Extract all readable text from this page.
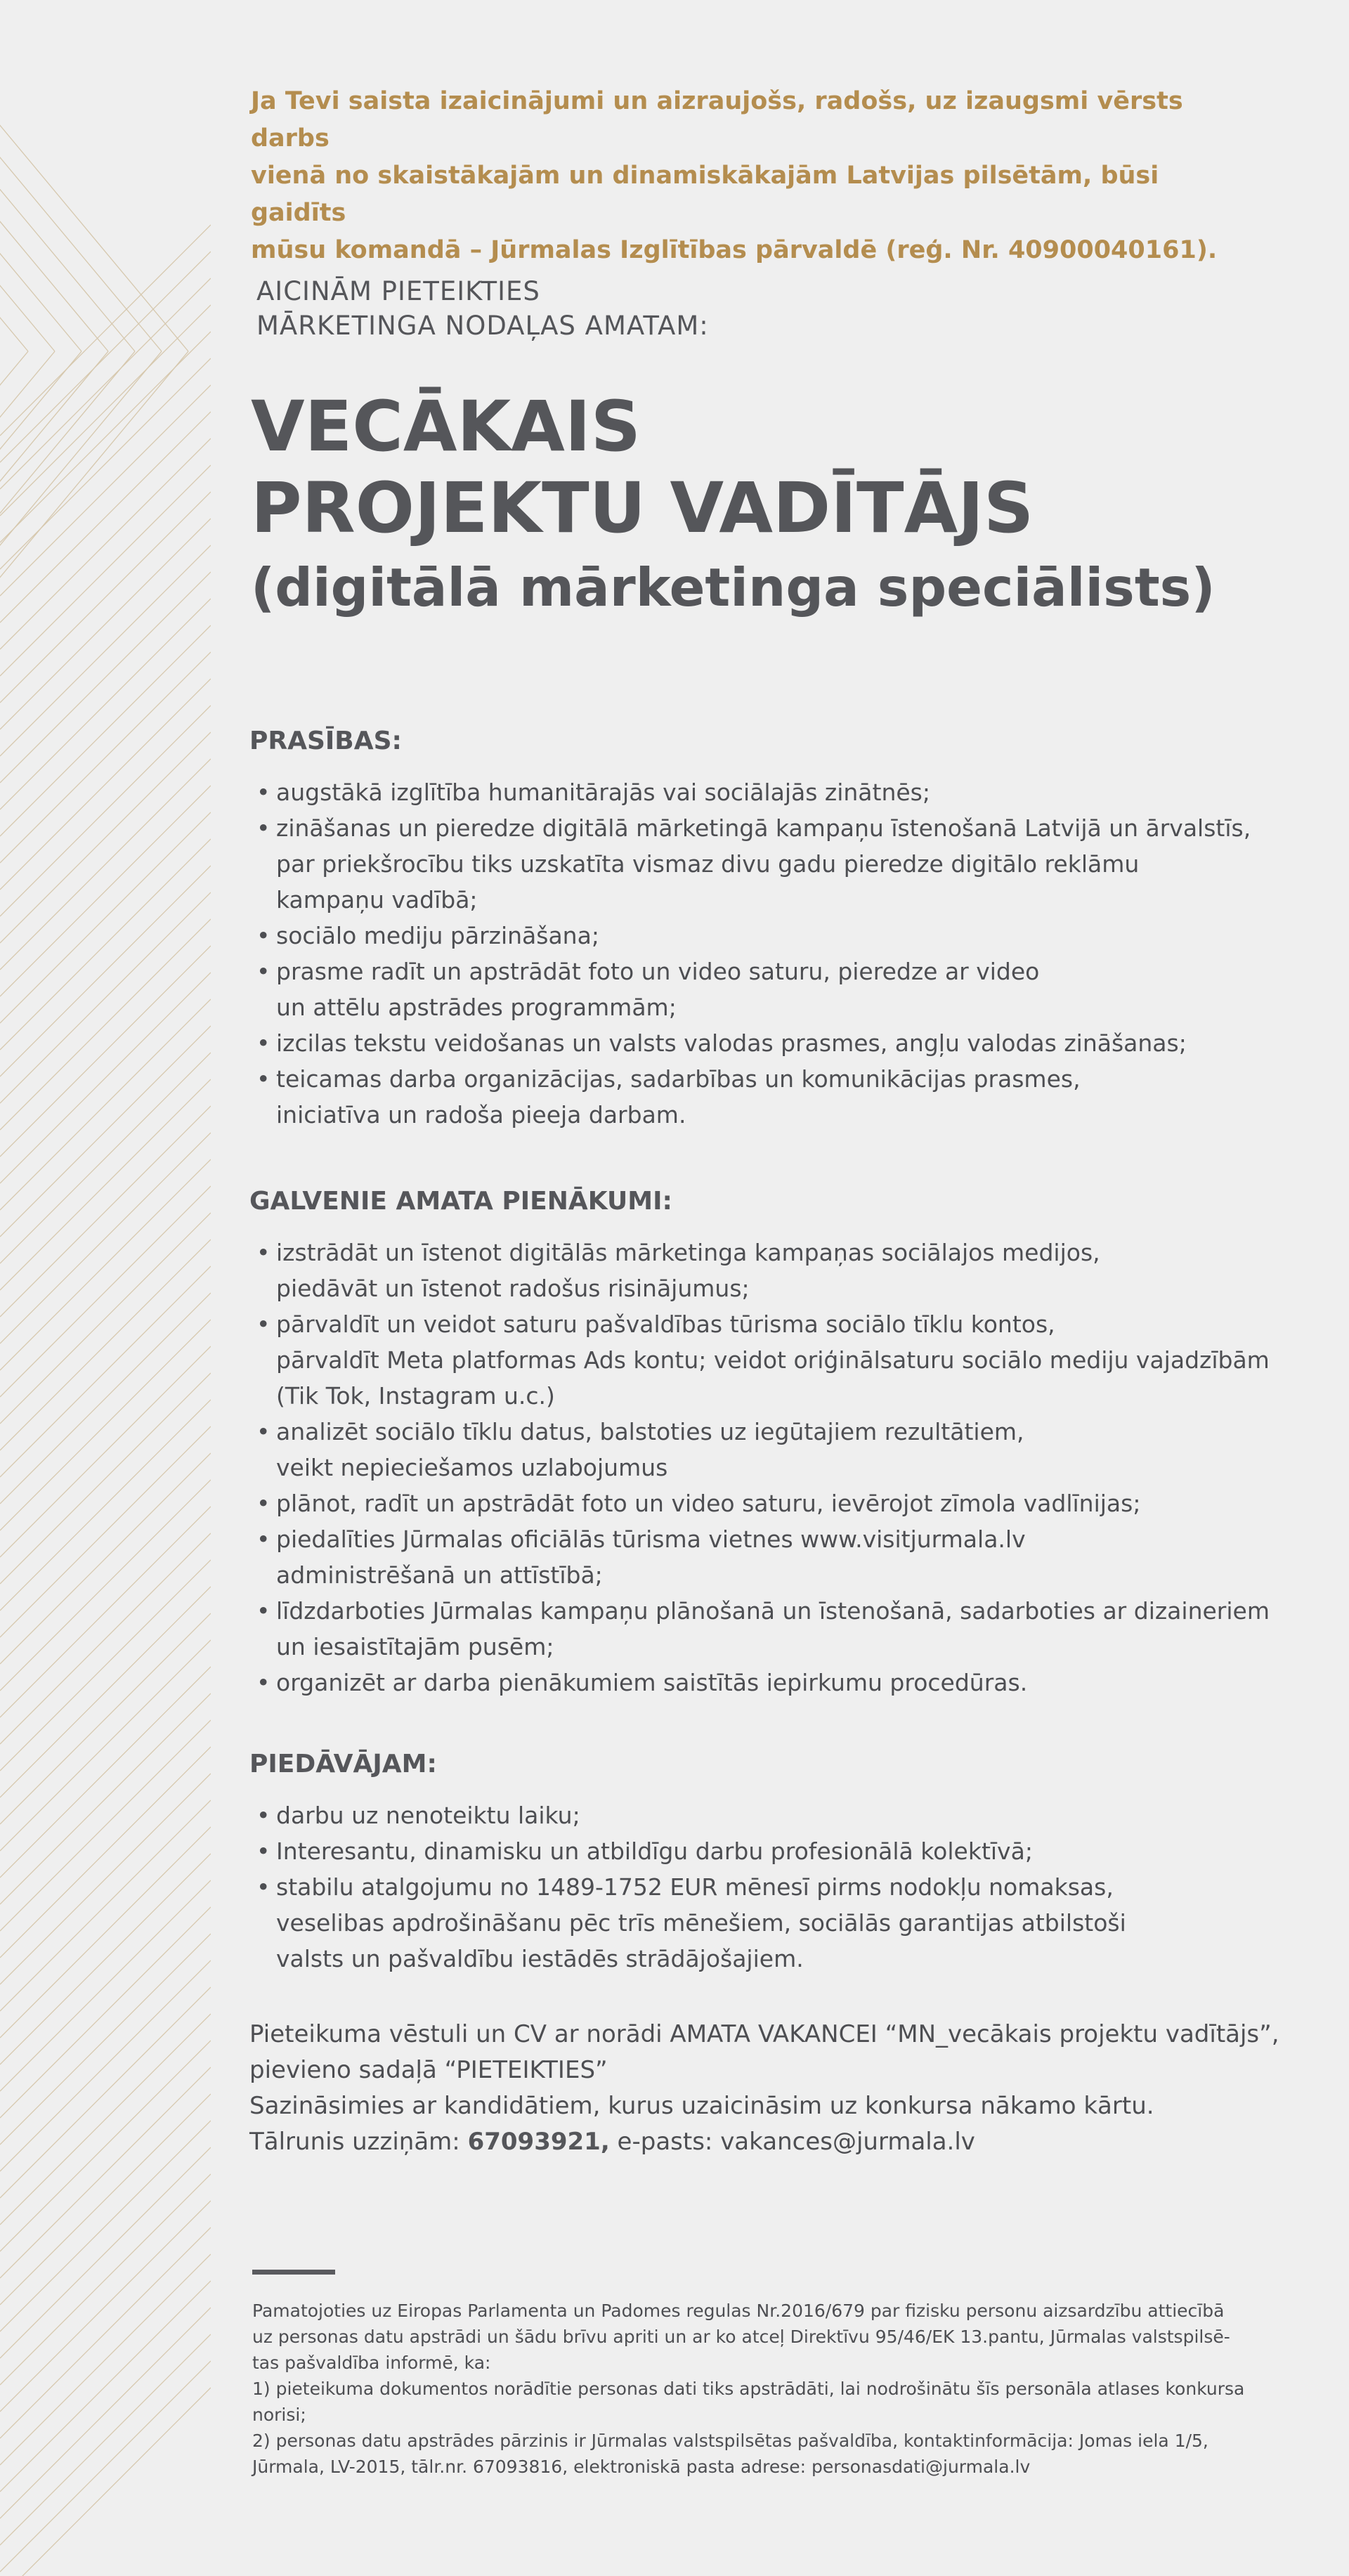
Ja Tevi saista izaicinājumi un aizraujošs, radošs, uz izaugsmi vērsts darbs
vienā no skaistākajām un dinamiskākajām Latvijas pilsētām, būsi gaidīts
mūsu komandā – Jūrmalas Izglītības pārvaldē (reģ. Nr. 40900040161).
AICINĀM PIETEIKTIES
MĀRKETINGA NODAĻAS AMATAM:
VECĀKAIS
PROJEKTU VADĪTĀJS
(digitālā mārketinga speciālists)
PRASĪBAS:
• augstākā izglītība humanitārajās vai sociālajās zinātnēs;
• zināšanas un pieredze digitālā mārketingā kampaņu īstenošanā Latvijā un ārvalstīs,
par priekšrocību tiks uzskatīta vismaz divu gadu pieredze digitālo reklāmu
kampaņu vadībā;
• sociālo mediju pārzināšana;
• prasme radīt un apstrādāt foto un video saturu, pieredze ar video
un attēlu apstrādes programmām;
• izcilas tekstu veidošanas un valsts valodas prasmes, angļu valodas zināšanas;
• teicamas darba organizācijas, sadarbības un komunikācijas prasmes,
iniciatīva un radoša pieeja darbam.
GALVENIE AMATA PIENĀKUMI:
• izstrādāt un īstenot digitālās mārketinga kampaņas sociālajos medijos,
piedāvāt un īstenot radošus risinājumus;
• pārvaldīt un veidot saturu pašvaldības tūrisma sociālo tīklu kontos,
pārvaldīt Meta platformas Ads kontu; veidot oriģinālsaturu sociālo mediju vajadzībām
(Tik Tok, Instagram u.c.)
• analizēt sociālo tīklu datus, balstoties uz iegūtajiem rezultātiem,
veikt nepieciešamos uzlabojumus
• plānot, radīt un apstrādāt foto un video saturu, ievērojot zīmola vadlīnijas;
• piedalīties Jūrmalas oficiālās tūrisma vietnes www.visitjurmala.lv
administrēšanā un attīstībā;
• līdzdarboties Jūrmalas kampaņu plānošanā un īstenošanā, sadarboties ar dizaineriem
un iesaistītajām pusēm;
• organizēt ar darba pienākumiem saistītās iepirkumu procedūras.
PIEDĀVĀJAM:
• darbu uz nenoteiktu laiku;
• Interesantu, dinamisku un atbildīgu darbu profesionālā kolektīvā;
• stabilu atalgojumu no 1489-1752 EUR mēnesī pirms nodokļu nomaksas,
veselibas apdrošināšanu pēc trīs mēnešiem, sociālās garantijas atbilstoši
valsts un pašvaldību iestādēs strādājošajiem.
Pieteikuma vēstuli un CV ar norādi AMATA VAKANCEI “MN_vecākais projektu vadītājs”,
pievieno sadaļā “PIETEIKTIES”
Sazināsimies ar kandidātiem, kurus uzaicināsim uz konkursa nākamo kārtu.
Tālrunis uzziņām: 67093921, e-pasts: vakances@jurmala.lv
Pamatojoties uz Eiropas Parlamenta un Padomes regulas Nr.2016/679 par fizisku personu aizsardzību attiecībā
uz personas datu apstrādi un šādu brīvu apriti un ar ko atceļ Direktīvu 95/46/EK 13.pantu, Jūrmalas valstspilsē-
tas pašvaldība informē, ka:
1) pieteikuma dokumentos norādītie personas dati tiks apstrādāti, lai nodrošinātu šīs personāla atlases konkursa
norisi;
2) personas datu apstrādes pārzinis ir Jūrmalas valstspilsētas pašvaldība, kontaktinformācija: Jomas iela 1/5,
Jūrmala, LV-2015, tālr.nr. 67093816, elektroniskā pasta adrese: personasdati@jurmala.lv
